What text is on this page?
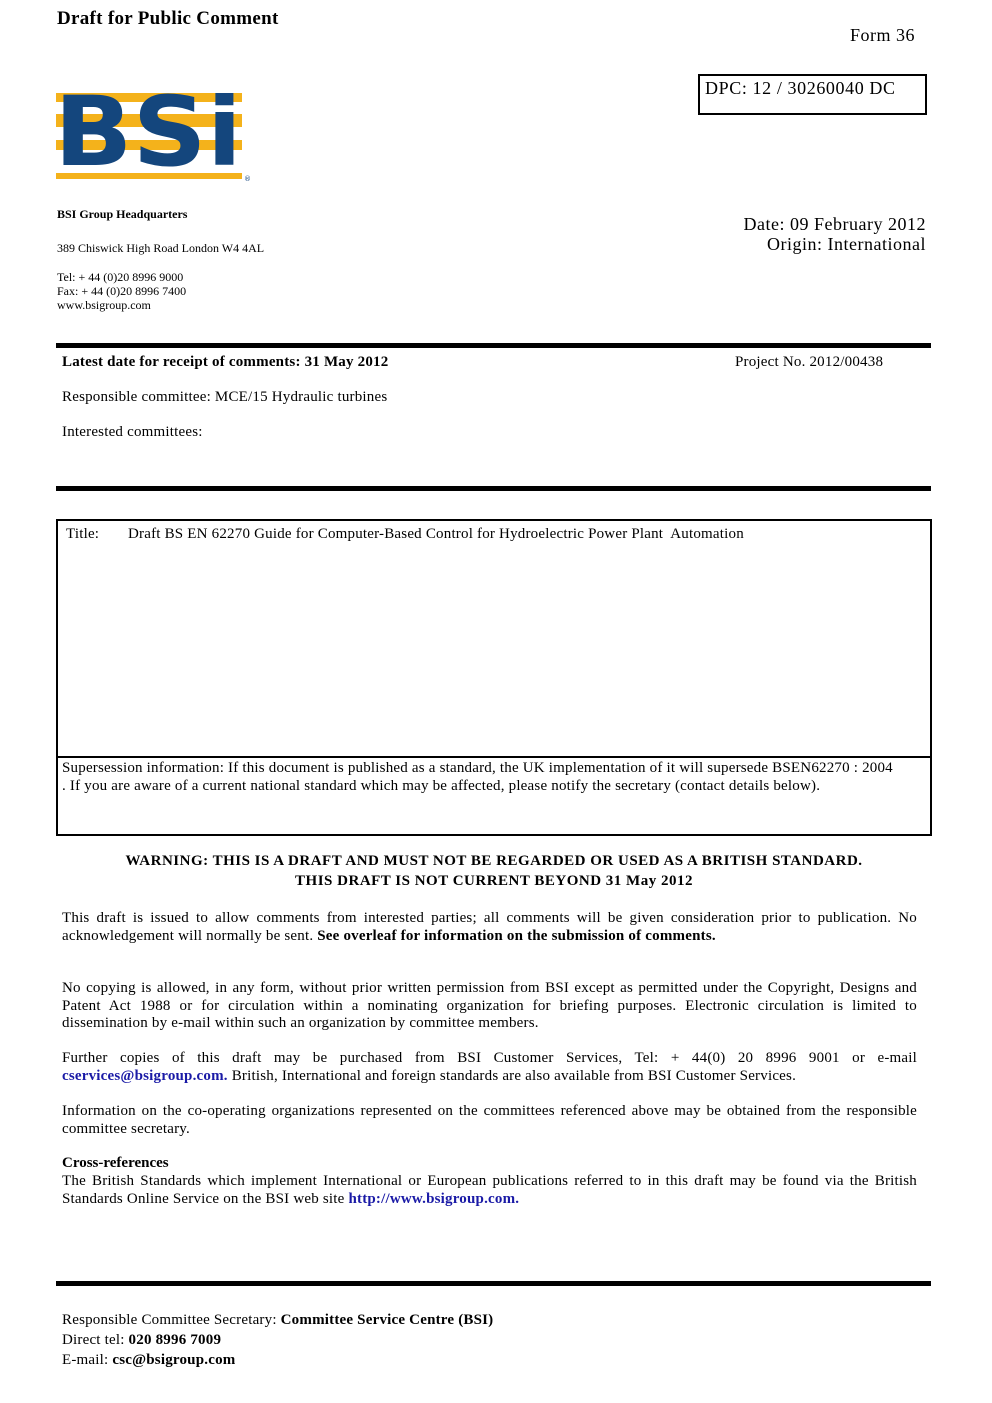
Draft for Public Comment
Form 36
DPC: 12 / 30260040 DC
BSi ®
BSI Group Headquarters
389 Chiswick High Road London W4 4AL
Tel: + 44 (0)20 8996 9000
Fax: + 44 (0)20 8996 7400
www.bsigroup.com
Date: 09 February 2012
Origin: International
Latest date for receipt of comments: 31 May 2012	Project No. 2012/00438
Responsible committee: MCE/15 Hydraulic turbines
Interested committees:
Title: Draft BS EN 62270 Guide for Computer-Based Control for Hydroelectric Power Plant  Automation
Supersession information: If this document is published as a standard, the UK implementation of it will supersede BSEN62270 : 2004 . If you are aware of a current national standard which may be affected, please notify the secretary (contact details below).
WARNING: THIS IS A DRAFT AND MUST NOT BE REGARDED OR USED AS A BRITISH STANDARD.
THIS DRAFT IS NOT CURRENT BEYOND 31 May 2012
This draft is issued to allow comments from interested parties; all comments will be given consideration prior to publication. No acknowledgement will normally be sent. See overleaf for information on the submission of comments.
No copying is allowed, in any form, without prior written permission from BSI except as permitted under the Copyright, Designs and Patent Act 1988 or for circulation within a nominating organization for briefing purposes. Electronic circulation is limited to dissemination by e-mail within such an organization by committee members.
Further copies of this draft may be purchased from BSI Customer Services, Tel: + 44(0) 20 8996 9001 or e-mail cservices@bsigroup.com. British, International and foreign standards are also available from BSI Customer Services.
Information on the co-operating organizations represented on the committees referenced above may be obtained from the responsible committee secretary.
Cross-references
The British Standards which implement International or European publications referred to in this draft may be found via the British Standards Online Service on the BSI web site http://www.bsigroup.com.
Responsible Committee Secretary: Committee Service Centre (BSI)
Direct tel: 020 8996 7009
E-mail: csc@bsigroup.com
